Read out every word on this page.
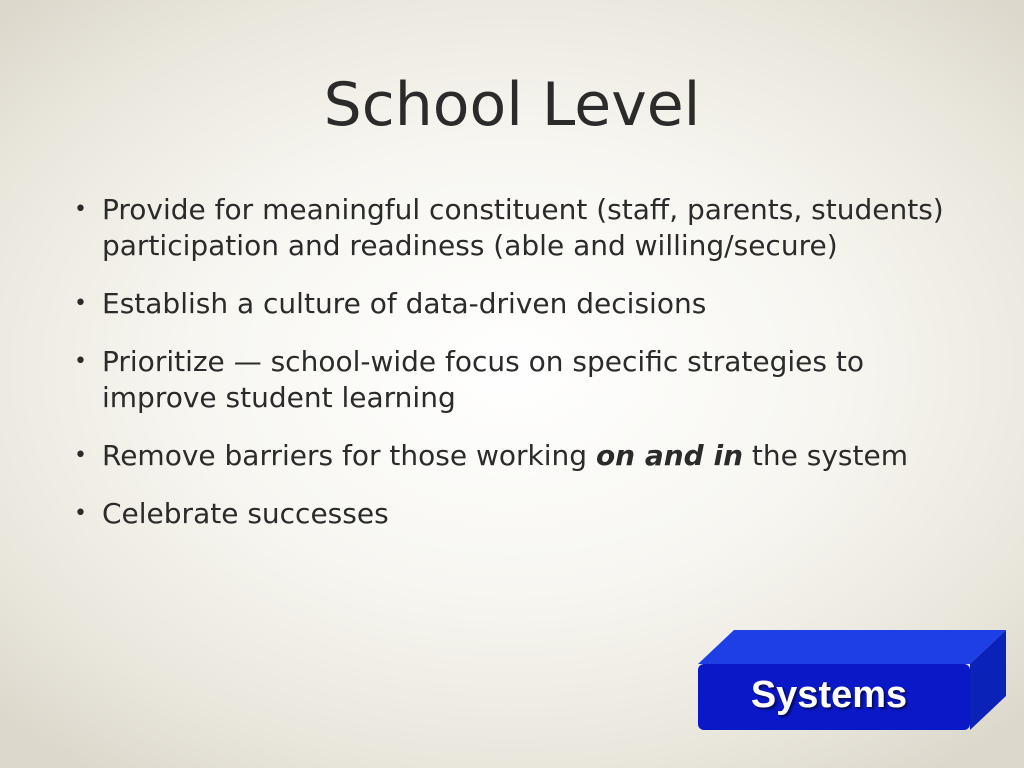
School Level
• Provide for meaningful constituent (staff, parents, students) participation and readiness (able and willing/secure)
• Establish a culture of data-driven decisions
• Prioritize — school-wide focus on specific strategies to improve student learning
• Remove barriers for those working on and in the system
• Celebrate successes
Systems
